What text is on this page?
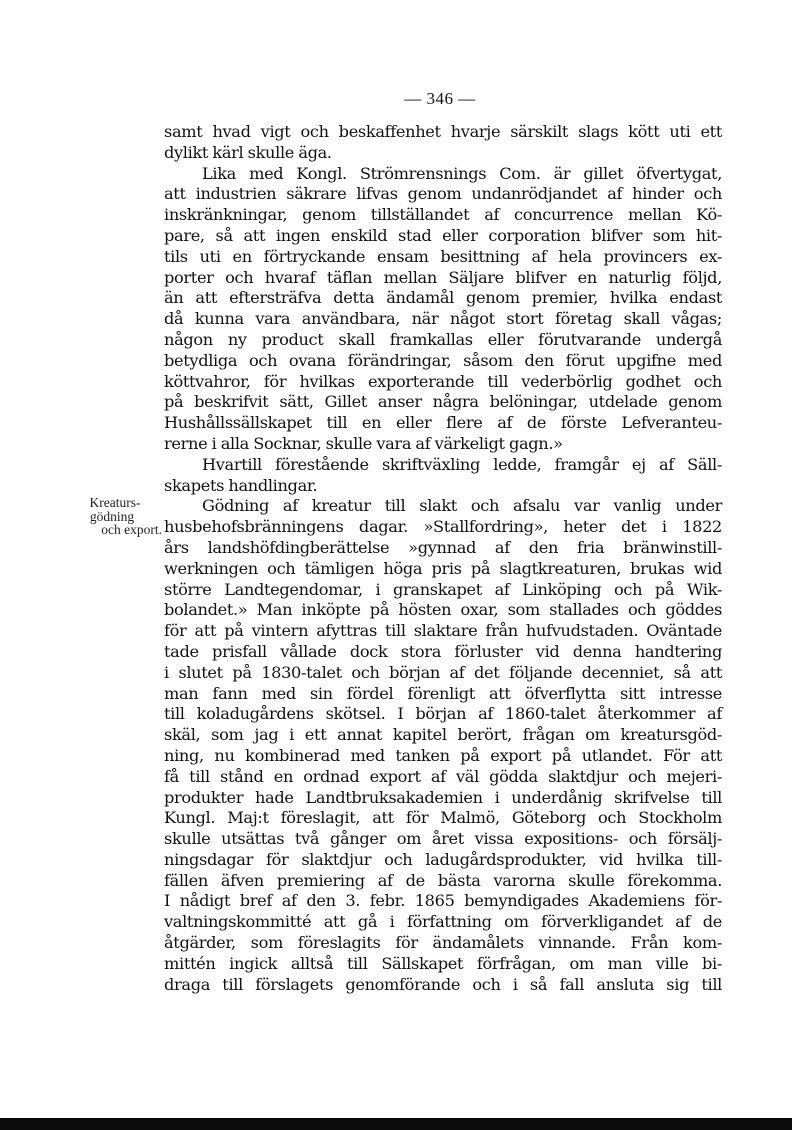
— 346 —
Kreaturs-
gödning
och export.
samt hvad vigt och beskaffenhet hvarje särskilt slags kött uti ett
dylikt kärl skulle äga.
Lika med Kongl. Strömrensnings Com. är gillet öfvertygat,
att industrien säkrare lifvas genom undanrödjandet af hinder och
inskränkningar, genom tillställandet af concurrence mellan Kö-
pare, så att ingen enskild stad eller corporation blifver som hit-
tils uti en förtryckande ensam besittning af hela provincers ex-
porter och hvaraf täflan mellan Säljare blifver en naturlig följd,
än att eftersträfva detta ändamål genom premier, hvilka endast
då kunna vara användbara, när något stort företag skall vågas;
någon ny product skall framkallas eller förutvarande undergå
betydliga och ovana förändringar, såsom den förut upgifne med
köttvahror, för hvilkas exporterande till vederbörlig godhet och
på beskrifvit sätt, Gillet anser några belöningar, utdelade genom
Hushållssällskapet till en eller flere af de förste Lefveranteu-
rerne i alla Socknar, skulle vara af värkeligt gagn.»
Hvartill förestående skriftväxling ledde, framgår ej af Säll-
skapets handlingar.
Gödning af kreatur till slakt och afsalu var vanlig under
husbehofsbränningens dagar. »Stallfordring», heter det i 1822
års landshöfdingberättelse »gynnad af den fria bränwinstill-
werkningen och tämligen höga pris på slagtkreaturen, brukas wid
större Landtegendomar, i granskapet af Linköping och på Wik-
bolandet.» Man inköpte på hösten oxar, som stallades och göddes
för att på vintern afyttras till slaktare från hufvudstaden. Oväntade
tade prisfall vållade dock stora förluster vid denna handtering
i slutet på 1830-talet och början af det följande decenniet, så att
man fann med sin fördel förenligt att öfverflytta sitt intresse
till koladugårdens skötsel. I början af 1860-talet återkommer af
skäl, som jag i ett annat kapitel berört, frågan om kreatursgöd-
ning, nu kombinerad med tanken på export på utlandet. För att
få till stånd en ordnad export af väl gödda slaktdjur och mejeri-
produkter hade Landtbruksakademien i underdånig skrifvelse till
Kungl. Maj:t föreslagit, att för Malmö, Göteborg och Stockholm
skulle utsättas två gånger om året vissa expositions- och försälj-
ningsdagar för slaktdjur och ladugårdsprodukter, vid hvilka till-
fällen äfven premiering af de bästa varorna skulle förekomma.
I nådigt bref af den 3. febr. 1865 bemyndigades Akademiens för-
valtningskommitté att gå i författning om förverkligandet af de
åtgärder, som föreslagits för ändamålets vinnande. Från kom-
mittén ingick alltså till Sällskapet förfrågan, om man ville bi-
draga till förslagets genomförande och i så fall ansluta sig till
